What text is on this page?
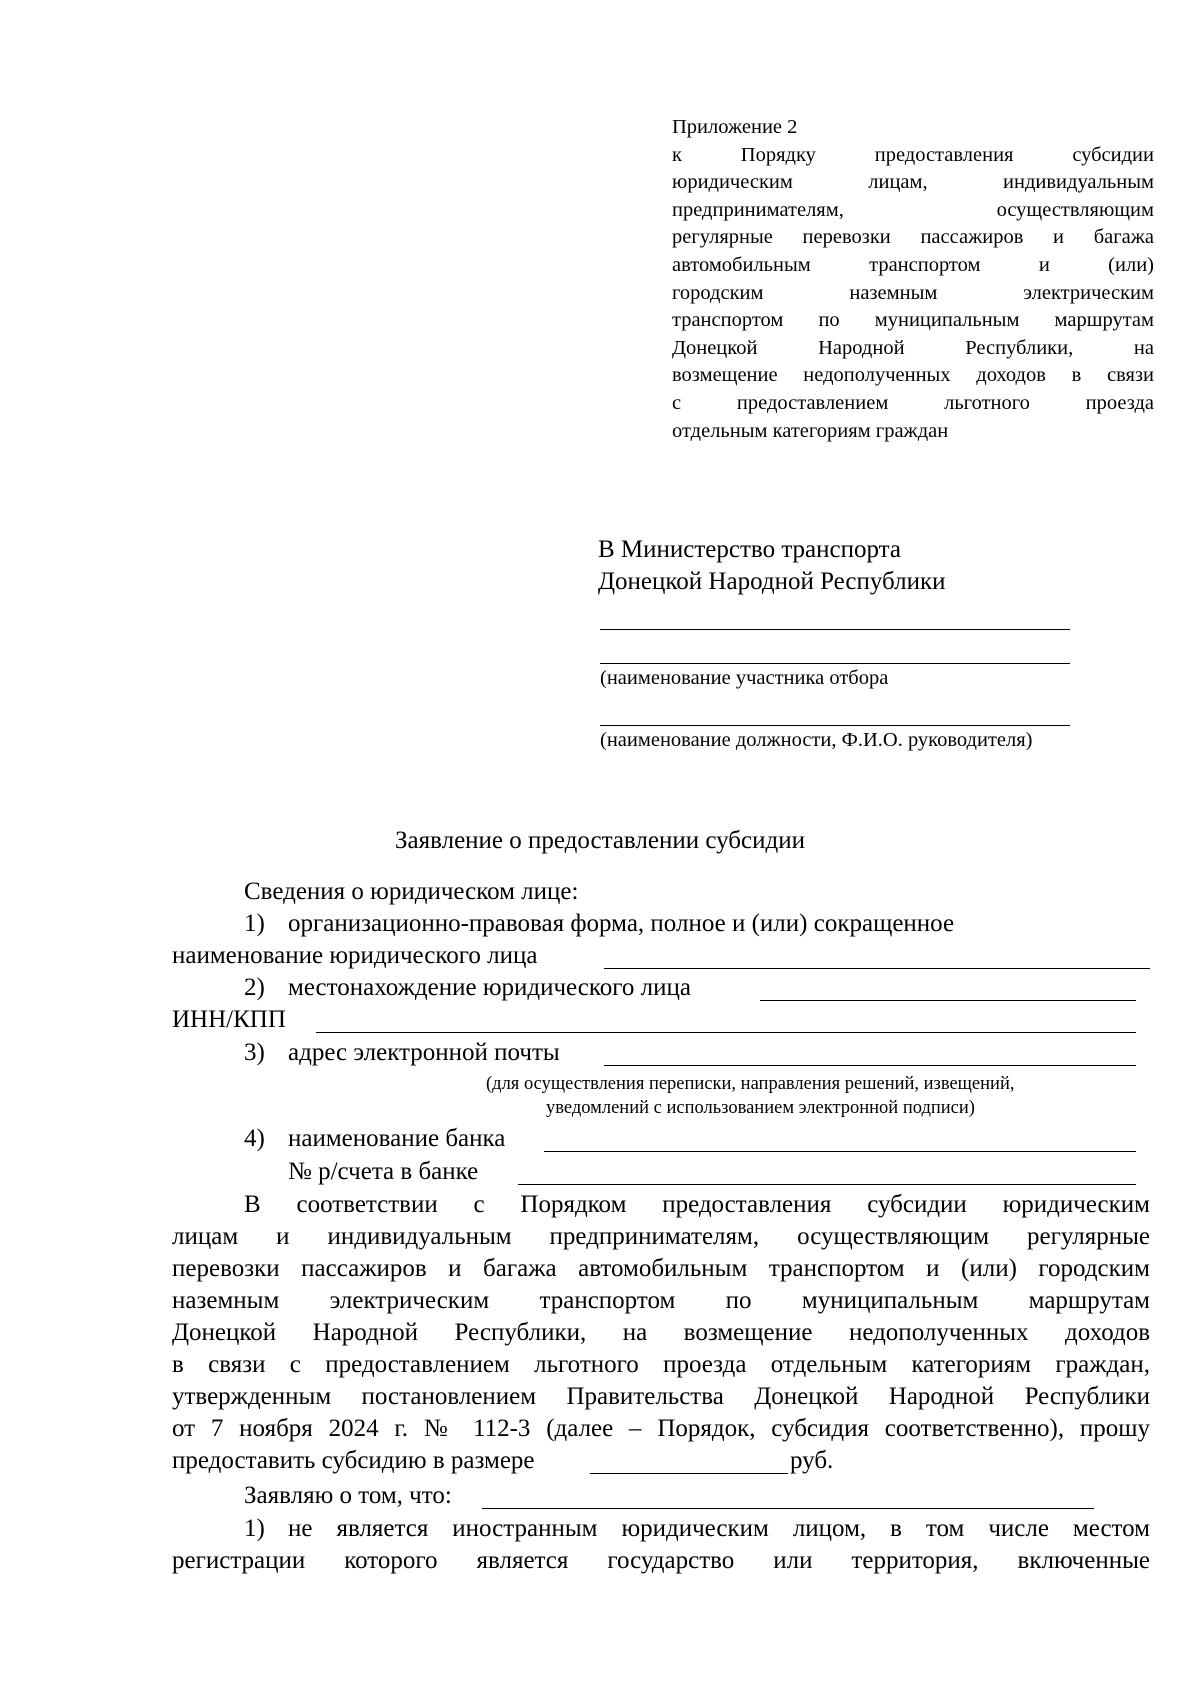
Приложение 2
к Порядку предоставления субсидии
юридическим лицам, индивидуальным
предпринимателям, осуществляющим
регулярные перевозки пассажиров и багажа
автомобильным транспортом и (или)
городским наземным электрическим
транспортом по муниципальным маршрутам
Донецкой Народной Республики, на
возмещение недополученных доходов в связи
с предоставлением льготного проезда
отдельным категориям граждан
В Министерство транспорта
Донецкой Народной Республики
(наименование участника отбора
(наименование должности, Ф.И.О. руководителя)
Заявление о предоставлении субсидии
Сведения о юридическом лице:
1) организационно-правовая форма, полное и (или) сокращенное
наименование юридического лица
2) местонахождение юридического лица
ИНН/КПП
3) адрес электронной почты
(для осуществления переписки, направления решений, извещений,
уведомлений с использованием электронной подписи)
4) наименование банка
№ р/счета в банке
В соответствии с Порядком предоставления субсидии юридическим
лицам и индивидуальным предпринимателям, осуществляющим регулярные
перевозки пассажиров и багажа автомобильным транспортом и (или) городским
наземным электрическим транспортом по муниципальным маршрутам
Донецкой Народной Республики, на возмещение недополученных доходов
в связи с предоставлением льготного проезда отдельным категориям граждан,
утвержденным постановлением Правительства Донецкой Народной Республики
от 7 ноября 2024 г. № 112-3 (далее – Порядок, субсидия соответственно), прошу
предоставить субсидию в размере	руб.
Заявляю о том, что:
1) не является иностранным юридическим лицом, в том числе местом
регистрации которого является государство или территория, включенные
